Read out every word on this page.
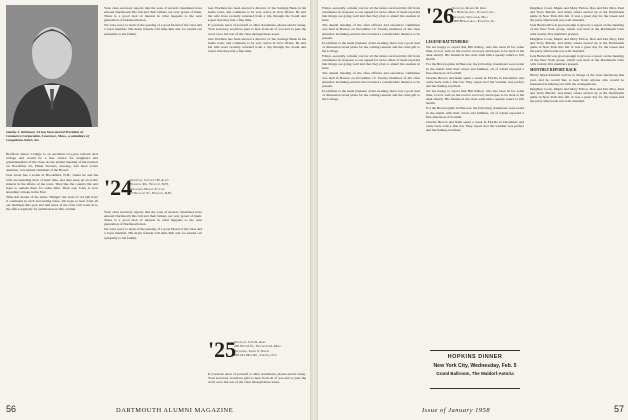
Stanley J. Robinson '24 has been elected President of Commerce Corporation, Lawrence, Mass., a subsidiary of Congoleum-Nairn, Inc.

Bradford Junior College is an excellent two-year Liberal Arts college and would be a fine choice for daughters and granddaughters of the class. At the annual meeting of the trustees on November 22, Elmer Stevens, attorney, and most active alumnus, was named chairman of the Board.

Jack Gratz has a home in Brookfield, N.H., where he and his wife are spending most of their time, and they keep up an active interest in the affairs of the town. They like the country life and hope to remain there for some time. Their son, John, is now attending college in the East.

Time this matter of the name "Midget" the class of '24 will have it continued in each succeeding issue. We hope to hear from all our members this year and that news of the class will come in to the office regularly for publication in this column.

Your class secretary reports that the sons of several classmates have entered Dartmouth this fall and their fathers are very proud of them. There is a good deal of interest in what happens to the next generation of Dartmouth men.

We were sorry to learn of the passing of a good friend of the class and a loyal member. His many friends will miss him and we extend our sympathy to his family.

'24
Secretary, Chauncey H. Allen
Waukeag Rd., Wolcott, N.H.
Treasurer, Harold E. Cote
17 Pleasant St., Hanover, N.H.

Your class secretary reports that the sons of several classmates have entered Dartmouth this fall and their fathers are very proud of them. There is a good deal of interest in what happens to the next generation of Dartmouth men.

We were sorry to learn of the passing of a good friend of the class and a loyal member. His many friends will miss him and we extend our sympathy to his family.

Gus Worthen has been elected a director of the Savings Bank in his home town, and continues to be very active in civic affairs. He and his wife have recently returned from a trip through the South and report that they had a fine time.

If you have news of yourself or other classmates, please send it along. Your secretary would be glad to hear from all of you and to pass the word on to the rest of the class through these notes.

Gus Worthen has been elected a director of the Savings Bank in his home town, and continues to be very active in civic affairs. He and his wife have recently returned from a trip through the South and report that they had a fine time.

'25
Secretary, John D. Arms
205 Winter St., Waltham 54, Mass.
Treasurer, Joseph S. Spiegel
295 Old Mill Rd., Chester, N.J.

If you have news of yourself or other classmates, please send it along. Your secretary would be glad to hear from all of you and to pass the word on to the rest of the class through these notes.

56	DARTMOUTH ALUMNI MAGAZINE

Fallon, secondly, a thank you for all the letters received this fall from classmates in response to our appeal for news. Most of them reported that things are going well and that they plan to attend the reunion in June.

The annual meeting of the class officers and executive committee was held in Boston on November 15. Twenty members of the class attended, including several who traveled a considerable distance to be present.

In addition to the usual business of the evening, there was a good deal of discussion about plans for the coming reunion and the class gift to the College.

Fallon, secondly, a thank you for all the letters received this fall from classmates in response to our appeal for news. Most of them reported that things are going well and that they plan to attend the reunion in June.

The annual meeting of the class officers and executive committee was held in Boston on November 15. Twenty members of the class attended, including several who traveled a considerable distance to be present.

In addition to the usual business of the evening, there was a good deal of discussion about plans for the coming reunion and the class gift to the College.

'26
Secretary, Robert D. Ober
Jay Hereford Ave., Evanston, Ill.
Treasurer, William A. Hall
1000 Hinman Ave., Evanston, Ill.
LEGEND RATTENDERS!

We are happy to report that Bill Kelley, who has been ill for some time, is now well on the road to recovery and hopes to be back at his desk shortly. His friends in the class wish him a speedy return to full health.

For the Brown game in Hanover, the following classmates were noted in the stands with their wives and families, all of whom reported a fine afternoon of football.

Charles Brown and Ruth spent a week in Florida in December and came back with a fine tan. They report that the weather was perfect and the fishing excellent.

We are happy to report that Bill Kelley, who has been ill for some time, is now well on the road to recovery and hopes to be back at his desk shortly. His friends in the class wish him a speedy return to full health.

For the Brown game in Hanover, the following classmates were noted in the stands with their wives and families, all of whom reported a fine afternoon of football.

Charles Brown and Ruth spent a week in Florida in December and came back with a fine tan. They report that the weather was perfect and the fishing excellent.

HOPKINS DINNER
New York City, Wednesday, Feb. 5
Grand Ballroom, The Waldorf-Astoria

Deighton Cook, Maple and Mary Felton, Don and Dot Moy, Paul and Terry Barrett, and many others turned up at the Dartmouth game in New York this fall. It was a great day for the Green and the party afterwards was well attended.

Jack Beckwith was good enough to give us a report on the meeting of the New York group, which was held at the Dartmouth Club with twenty-five members present.

Deighton Cook, Maple and Mary Felton, Don and Dot Moy, Paul and Terry Barrett, and many others turned up at the Dartmouth game in New York this fall. It was a great day for the Green and the party afterwards was well attended.

Jack Beckwith was good enough to give us a report on the meeting of the New York group, which was held at the Dartmouth Club with twenty-five members present.

MONTHLY REPORT BACK

Henry Mark Kimball will be in charge of the class luncheons this year, and he would like to hear from anyone who would be interested in helping out with the arrangements.

Deighton Cook, Maple and Mary Felton, Don and Dot Moy, Paul and Terry Barrett, and many others turned up at the Dartmouth game in New York this fall. It was a great day for the Green and the party afterwards was well attended.

Issue of January 1958	57
